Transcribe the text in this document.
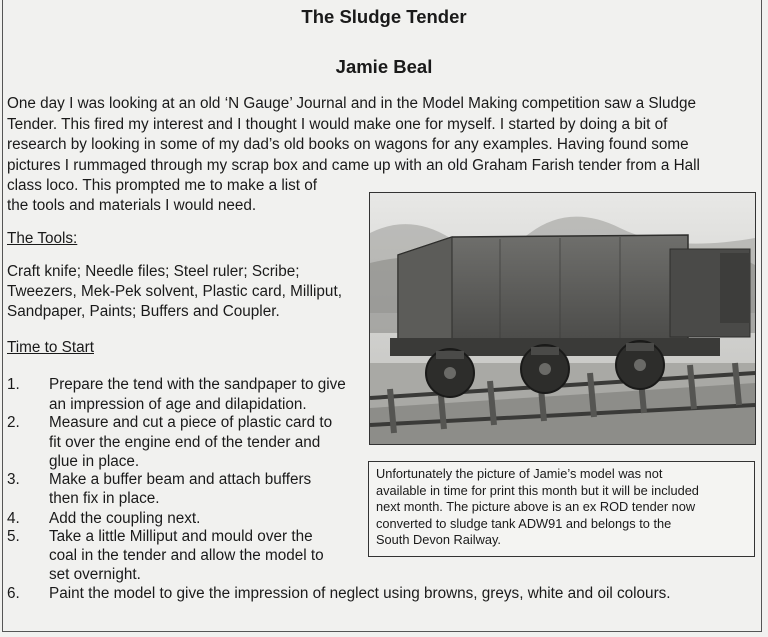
The Sludge Tender
Jamie Beal

One day I was looking at an old ‘N Gauge’ Journal and in the Model Making competition saw a Sludge

Tender. This fired my interest and I thought I would make one for myself. I started by doing a bit of

research by looking in some of my dad’s old books on wagons for any examples. Having found some

pictures I rummaged through my scrap box and came up with an old Graham Farish tender from a Hall

class loco. This prompted me to make a list of

the tools and materials I would need.

The Tools:

Craft knife; Needle files; Steel ruler; Scribe;

Tweezers, Mek-Pek solvent, Plastic card, Milliput,

Sandpaper, Paints; Buffers and Coupler.

Time to Start

1. Prepare the tend with the sandpaper to give
an impression of age and dilapidation.
2. Measure and cut a piece of plastic card to
fit over the engine end of the tender and
glue in place.
3. Make a buffer beam and attach buffers
then fix in place.
4. Add the coupling next.
5. Take a little Milliput and mould over the
coal in the tender and allow the model to
set overnight.
6. Paint the model to give the impression of neglect using browns, greys, white and oil colours.

Unfortunately the picture of Jamie’s model was not
available in time for print this month but it will be included
next month. The picture above is an ex ROD tender now
converted to sludge tank ADW91 and belongs to the
South Devon Railway.
